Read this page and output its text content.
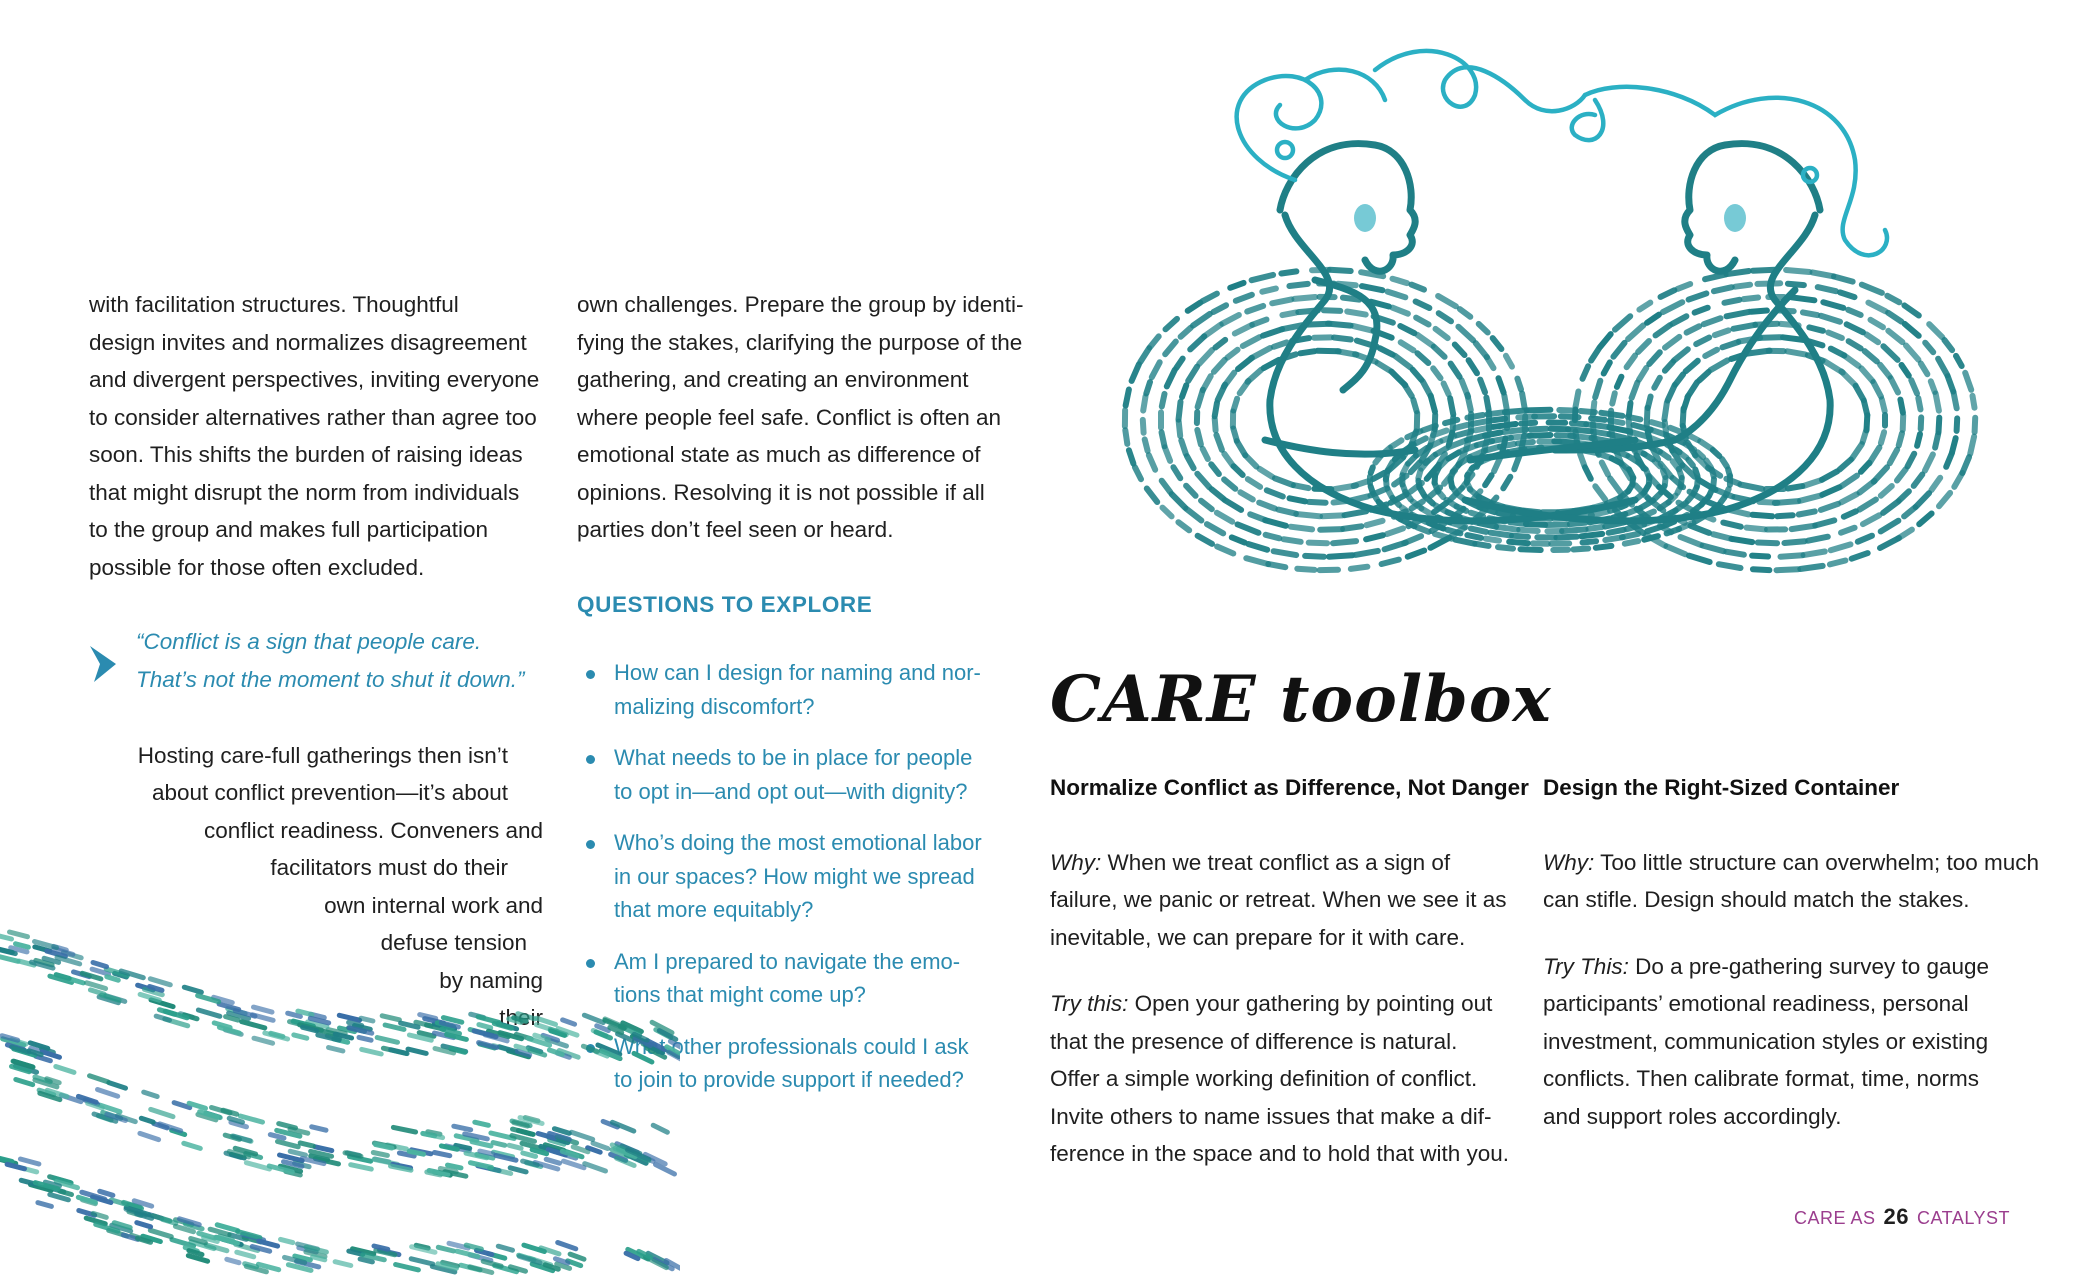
with facilitation structures. Thoughtful
design invites and normalizes disagreement
and divergent perspectives, inviting everyone
to consider alternatives rather than agree too
soon. This shifts the burden of raising ideas
that might disrupt the norm from individuals
to the group and makes full participation
possible for those often excluded.

“Conflict is a sign that people care.
That’s not the moment to shut it down.”
Hosting care-full gatherings then isn’t
about conflict prevention—it’s about
conflict readiness. Conveners and
facilitators must do their
own internal work and
defuse tension
by naming
their

own challenges. Prepare the group by identi-
fying the stakes, clarifying the purpose of the
gathering, and creating an environment
where people feel safe. Conflict is often an
emotional state as much as difference of
opinions. Resolving it is not possible if all
parties don’t feel seen or heard.

QUESTIONS TO EXPLORE
How can I design for naming and nor-
malizing discomfort?
What needs to be in place for people
to opt in—and opt out—with dignity?
Who’s doing the most emotional labor
in our spaces? How might we spread
that more equitably?
Am I prepared to navigate the emo-
tions that might come up?
What other professionals could I ask
to join to provide support if needed?
CARE toolbox
Normalize Conflict as Difference, Not Danger

Why: When we treat conflict as a sign of
failure, we panic or retreat. When we see it as
inevitable, we can prepare for it with care.

Try this: Open your gathering by pointing out
that the presence of difference is natural.
Offer a simple working definition of conflict.
Invite others to name issues that make a dif-
ference in the space and to hold that with you.

Design the Right-Sized Container

Why: Too little structure can overwhelm; too much
can stifle. Design should match the stakes.

Try This: Do a pre-gathering survey to gauge
participants’ emotional readiness, personal
investment, communication styles or existing
conflicts. Then calibrate format, time, norms
and support roles accordingly.

CARE AS 26 CATALYST
